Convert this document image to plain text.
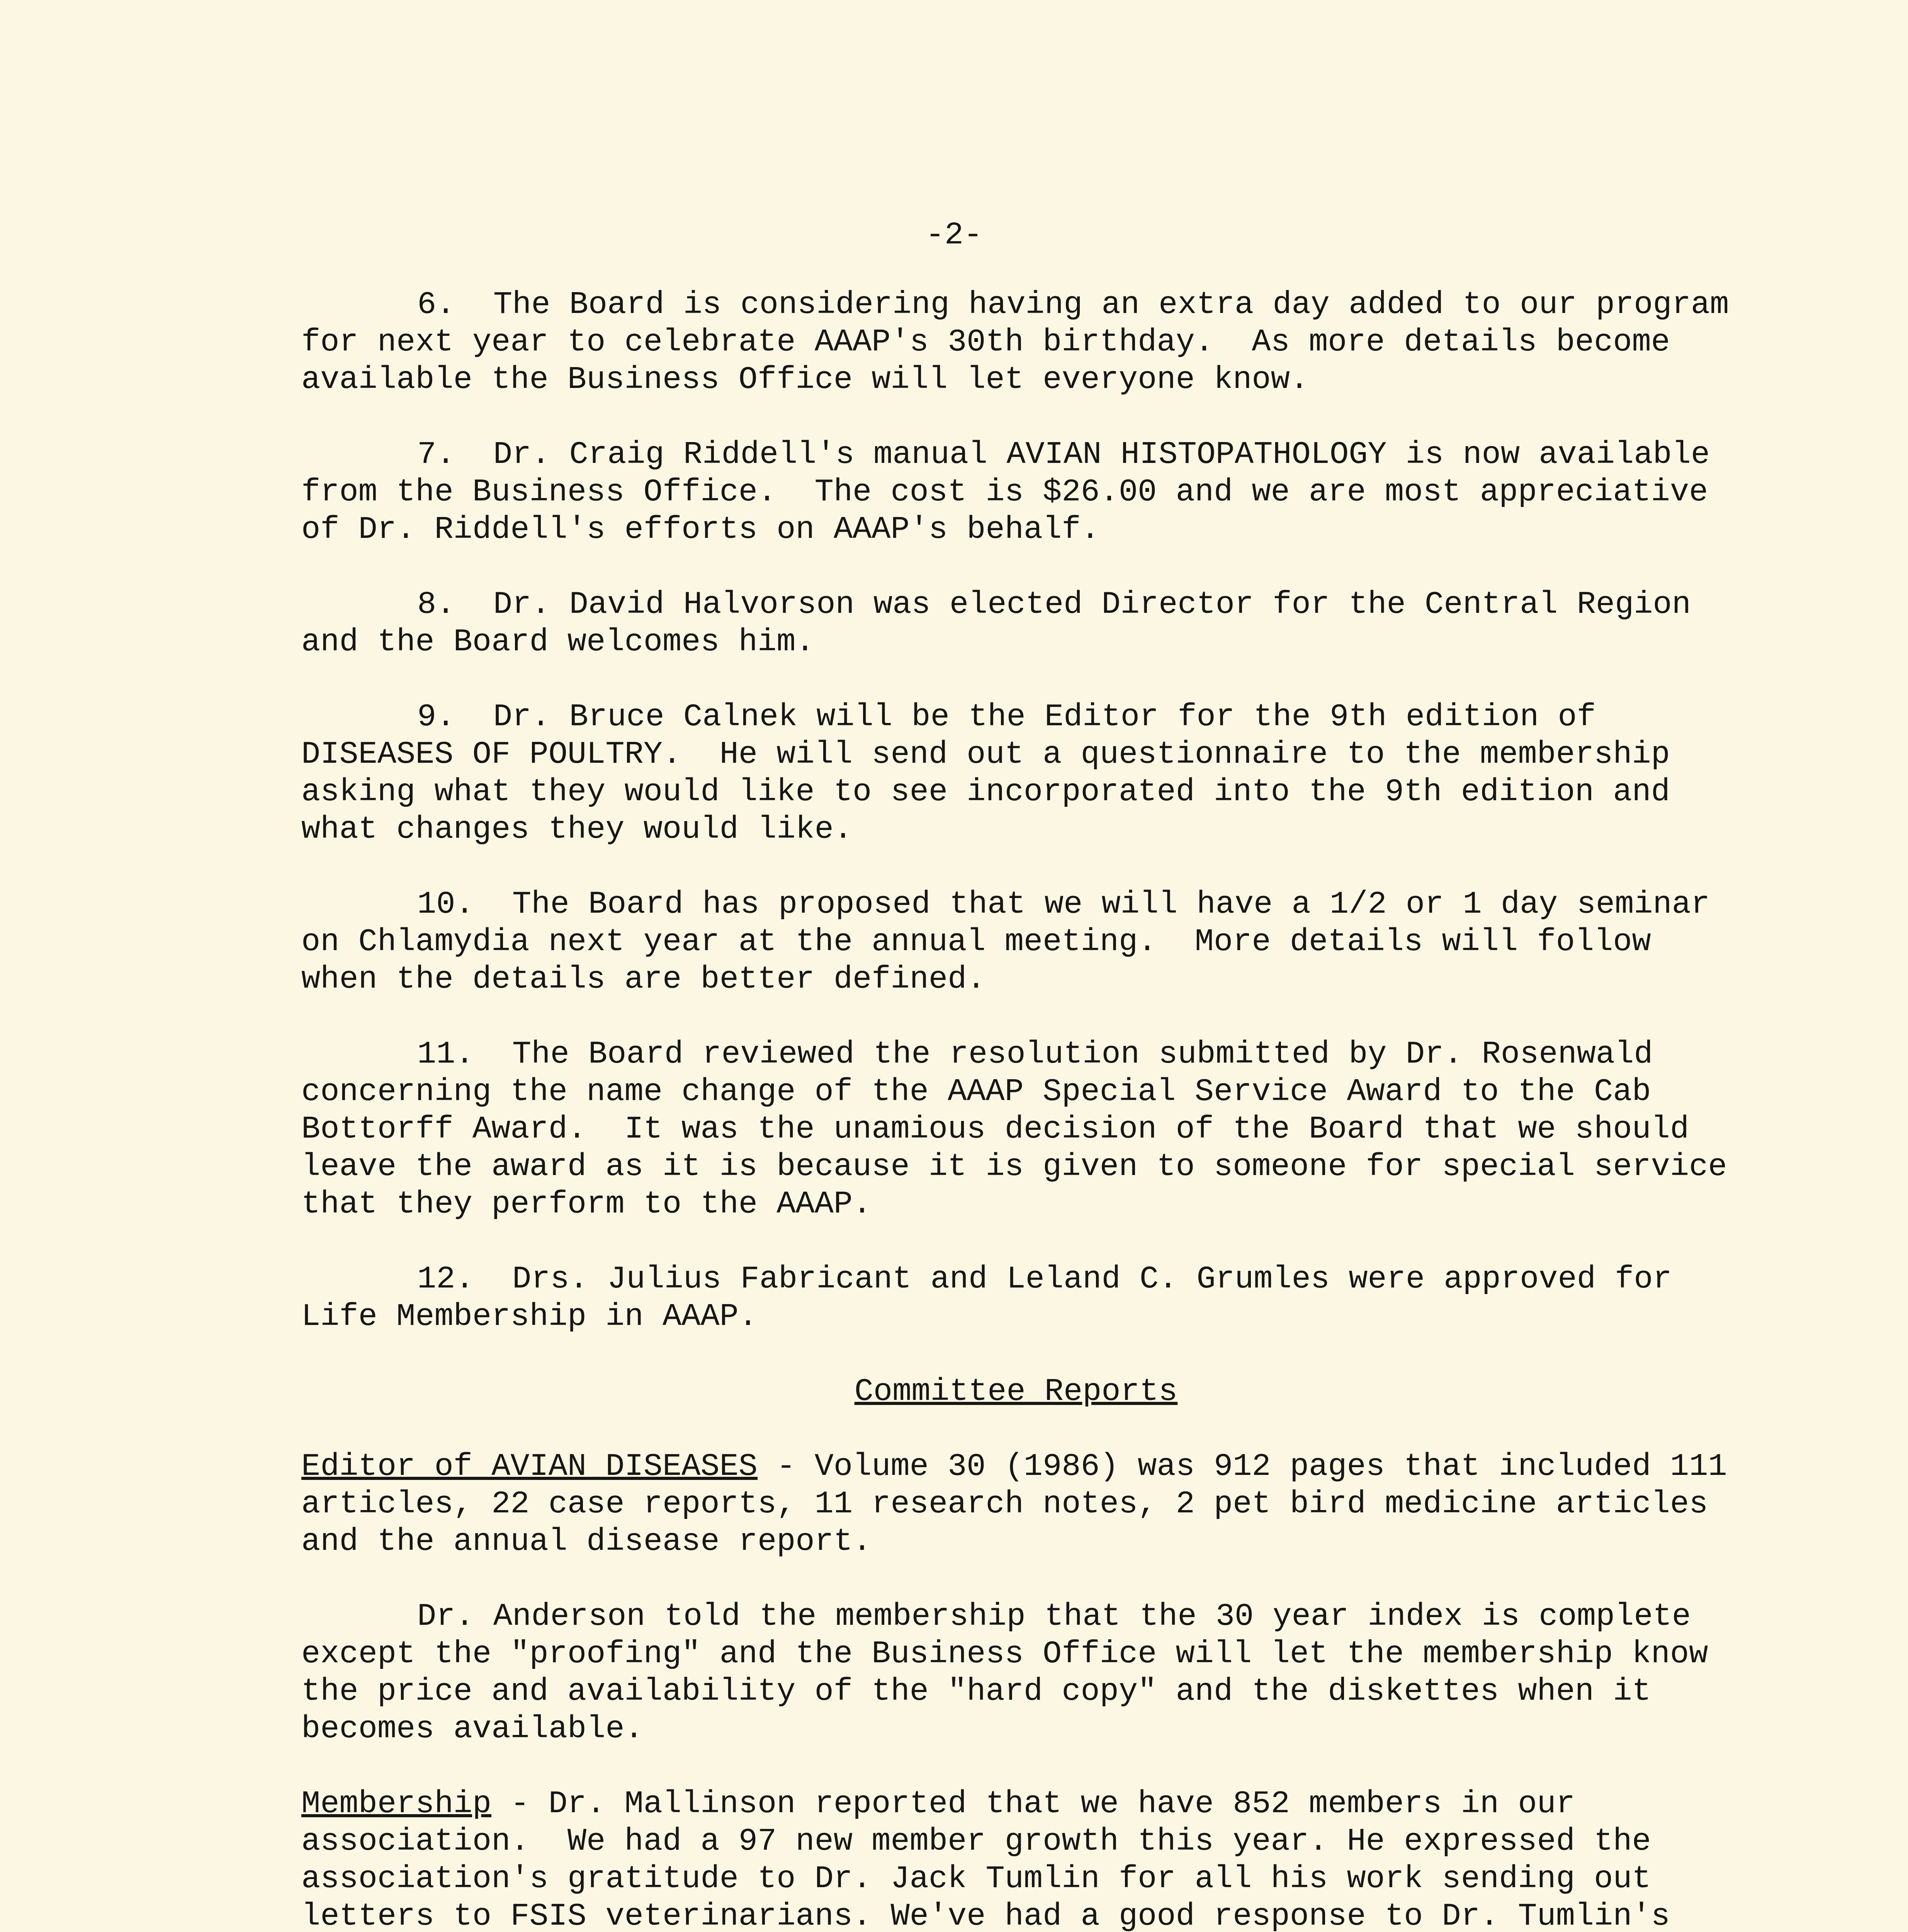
-2-

6.  The Board is considering having an extra day added to our program for next year to celebrate AAAP's 30th birthday.  As more details become available the Business Office will let everyone know.

7.  Dr. Craig Riddell's manual AVIAN HISTOPATHOLOGY is now available from the Business Office.  The cost is $26.00 and we are most appreciative of Dr. Riddell's efforts on AAAP's behalf.

8.  Dr. David Halvorson was elected Director for the Central Region and the Board welcomes him.

9.  Dr. Bruce Calnek will be the Editor for the 9th edition of DISEASES OF POULTRY.  He will send out a questionnaire to the membership asking what they would like to see incorporated into the 9th edition and what changes they would like.

10.  The Board has proposed that we will have a 1/2 or 1 day seminar on Chlamydia next year at the annual meeting.  More details will follow when the details are better defined.

11.  The Board reviewed the resolution submitted by Dr. Rosenwald concerning the name change of the AAAP Special Service Award to the Cab Bottorff Award.  It was the unamious decision of the Board that we should leave the award as it is because it is given to someone for special service that they perform to the AAAP.

12.  Drs. Julius Fabricant and Leland C. Grumles were approved for Life Membership in AAAP.

Committee Reports

Editor of AVIAN DISEASES - Volume 30 (1986) was 912 pages that included 111 articles, 22 case reports, 11 research notes, 2 pet bird medicine articles and the annual disease report.

Dr. Anderson told the membership that the 30 year index is complete except the "proofing" and the Business Office will let the membership know the price and availability of the "hard copy" and the diskettes when it becomes available.

Membership - Dr. Mallinson reported that we have 852 members in our association.  We had a 97 new member growth this year. He expressed the association's gratitude to Dr. Jack Tumlin for all his work sending out letters to FSIS veterinarians. We've had a good response to Dr. Tumlin's
